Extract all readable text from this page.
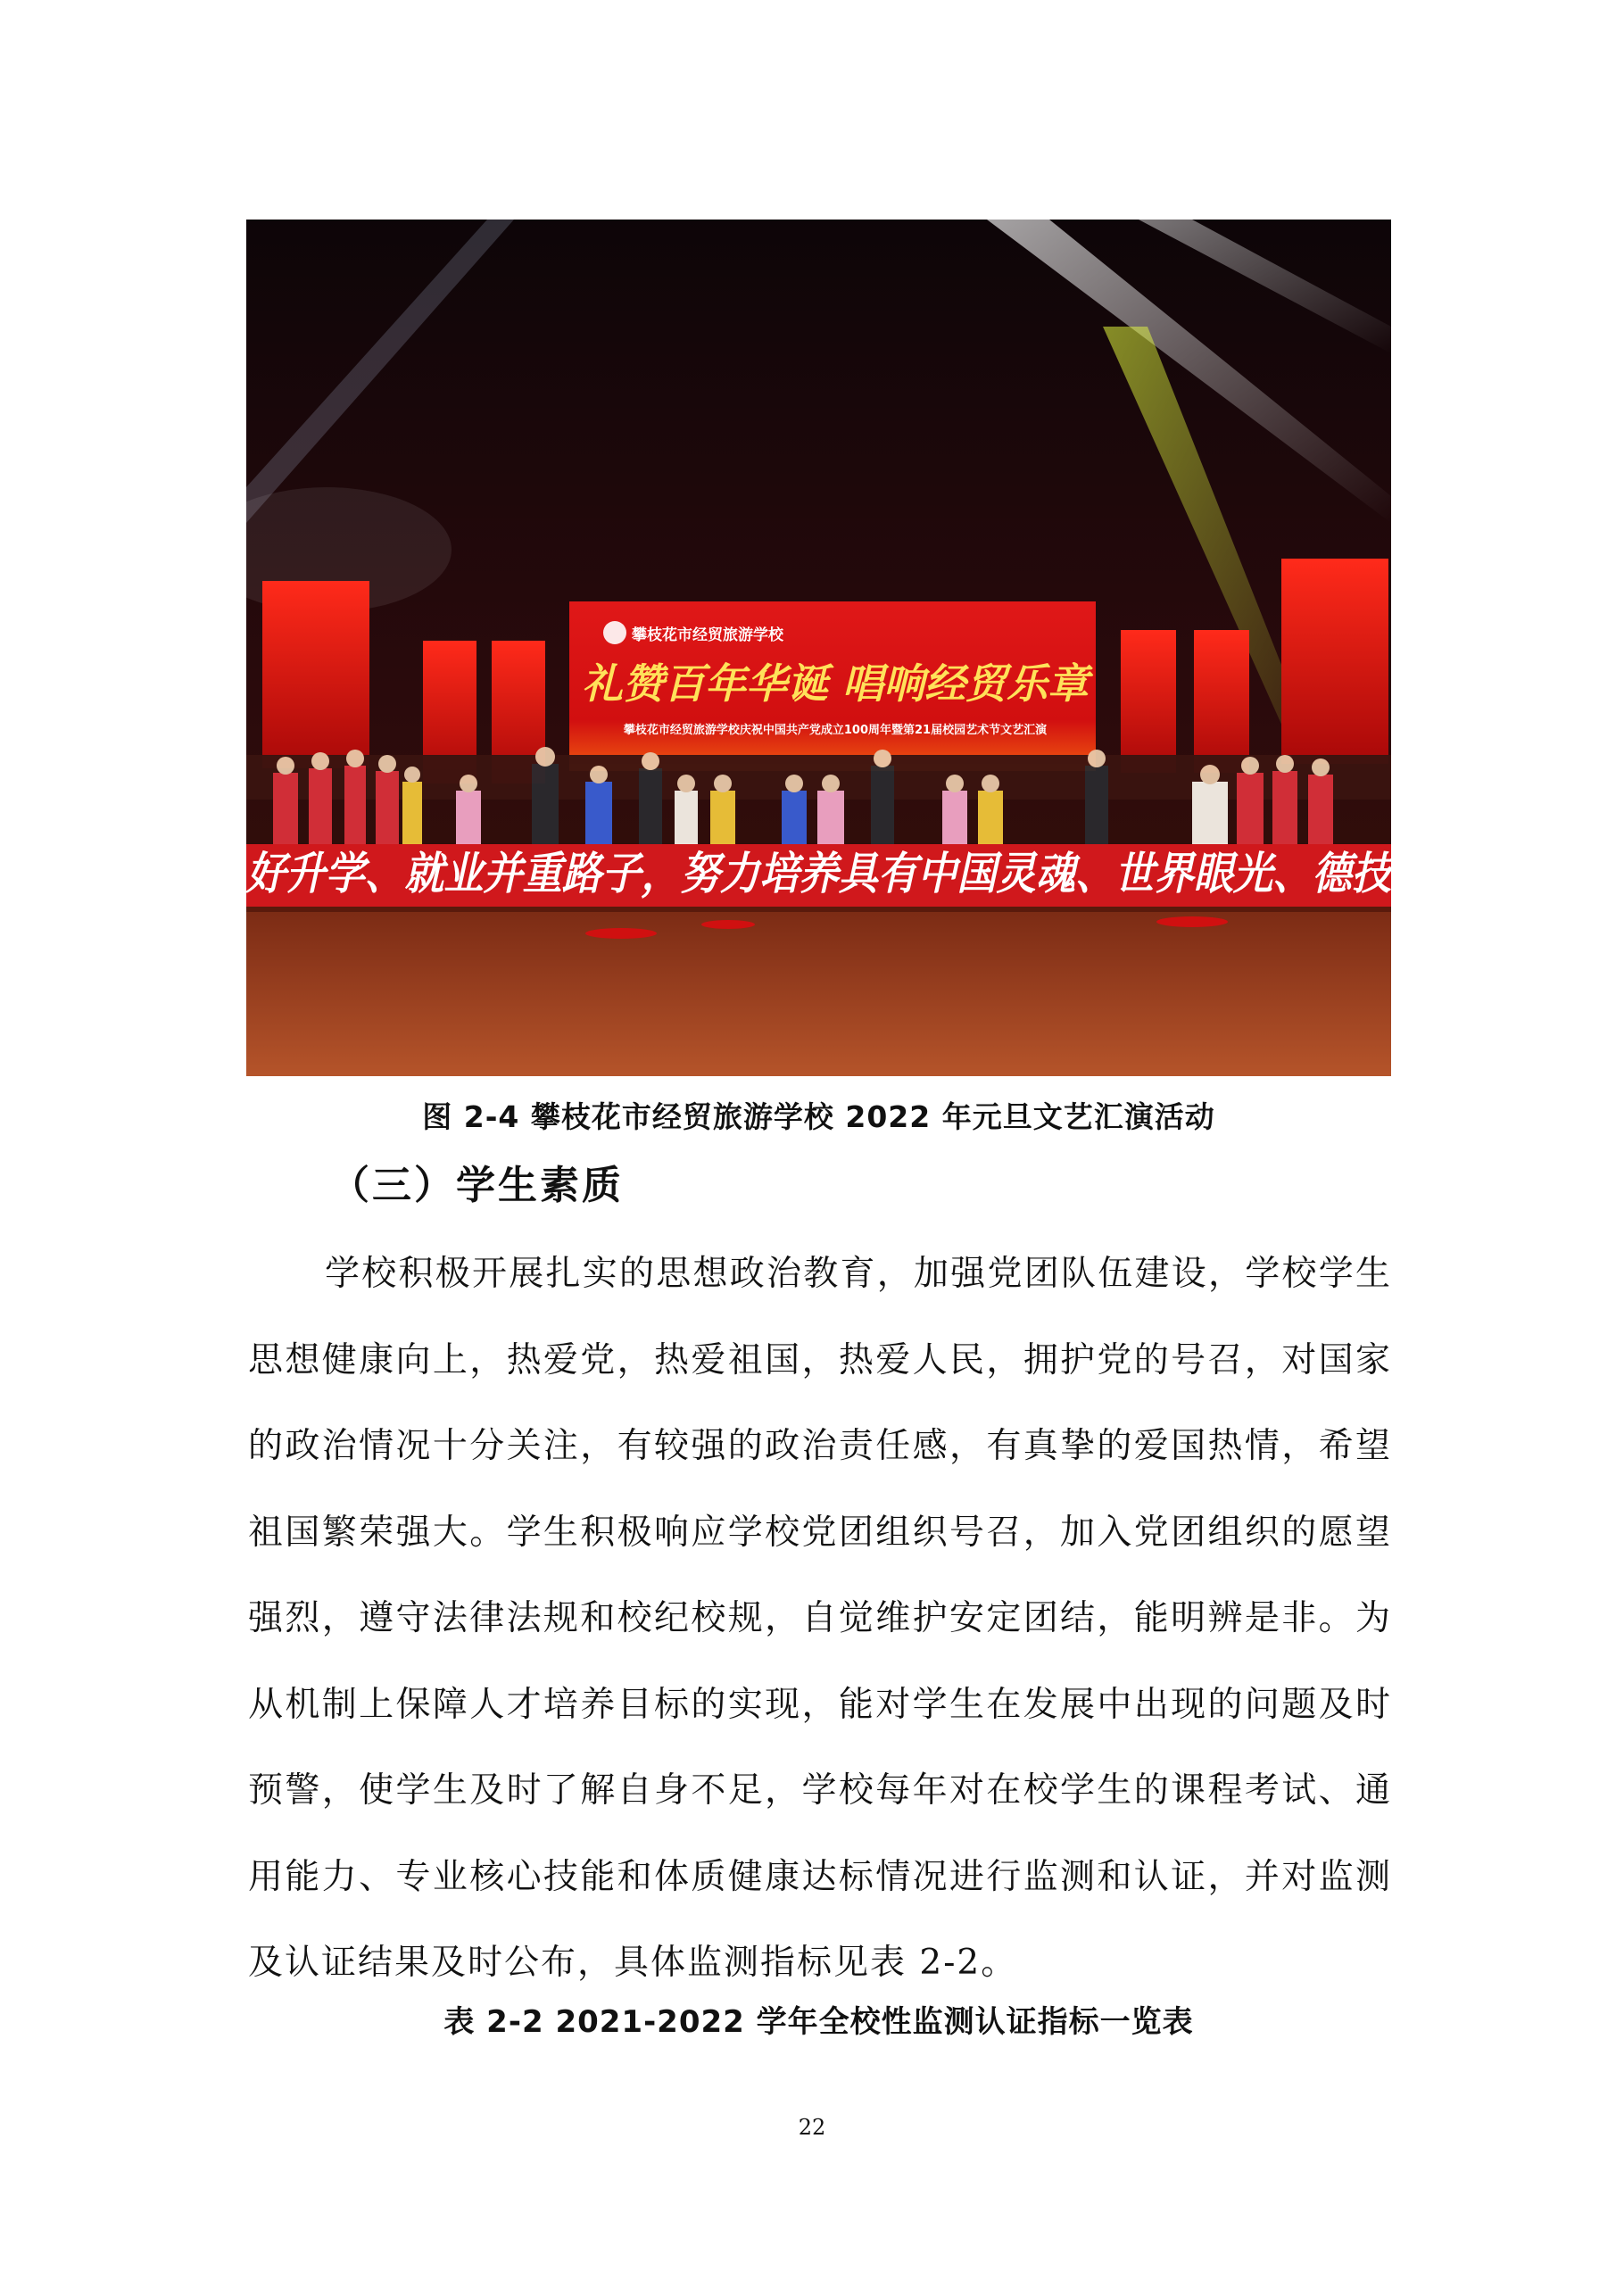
攀枝花市经贸旅游学校
礼赞百年华诞 唱响经贸乐章
攀枝花市经贸旅游学校庆祝中国共产党成立100周年暨第21届校园艺术节文艺汇演
好升学、就业并重路子，努力培养具有中国灵魂、世界眼光、德技
图 2-4 攀枝花市经贸旅游学校 2022 年元旦文艺汇演活动
（三）学生素质

学校积极开展扎实的思想政治教育，加强党团队伍建设，学校学生思想健康向上，热爱党，热爱祖国，热爱人民，拥护党的号召，对国家的政治情况十分关注，有较强的政治责任感，有真挚的爱国热情，希望祖国繁荣强大。学生积极响应学校党团组织号召，加入党团组织的愿望强烈，遵守法律法规和校纪校规，自觉维护安定团结，能明辨是非。为从机制上保障人才培养目标的实现，能对学生在发展中出现的问题及时预警，使学生及时了解自身不足，学校每年对在校学生的课程考试、通用能力、专业核心技能和体质健康达标情况进行监测和认证，并对监测及认证结果及时公布，具体监测指标见表 2-2。

表 2-2 2021-2022 学年全校性监测认证指标一览表
22
